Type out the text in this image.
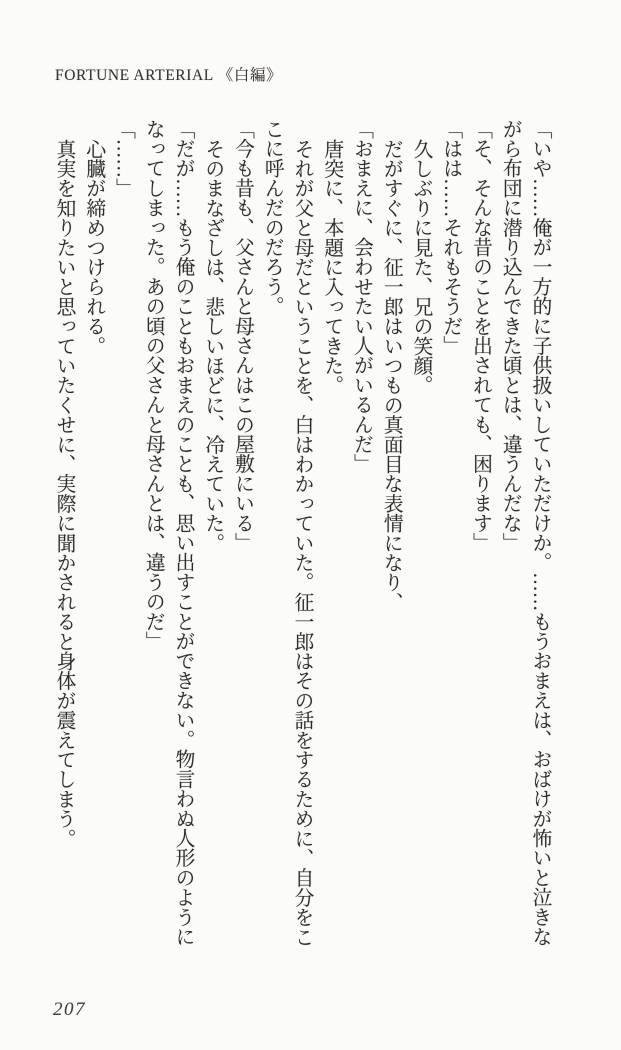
FORTUNE ARTERIAL 《白編》
「いや……俺が一方的に子供扱いしていただけか。……もうおまえは、おばけが怖いと泣きな
がら布団に潜り込んできた頃とは、違うんだな」
「そ、そんな昔のことを出されても、困ります」
「はは……それもそうだ」
久しぶりに見た、兄の笑顔。
だがすぐに、征一郎はいつもの真面目な表情になり、
「おまえに、会わせたい人がいるんだ」
唐突に、本題に入ってきた。
それが父と母だということを、白はわかっていた。征一郎はその話をするために、自分をこ
こに呼んだのだろう。
「今も昔も、父さんと母さんはこの屋敷にいる」
そのまなざしは、悲しいほどに、冷えていた。
「だが……もう俺のこともおまえのことも、思い出すことができない。物言わぬ人形のように
なってしまった。あの頃の父さんと母さんとは、違うのだ」
「……」
心臓が締めつけられる。
真実を知りたいと思っていたくせに、実際に聞かされると身体が震えてしまう。
207
